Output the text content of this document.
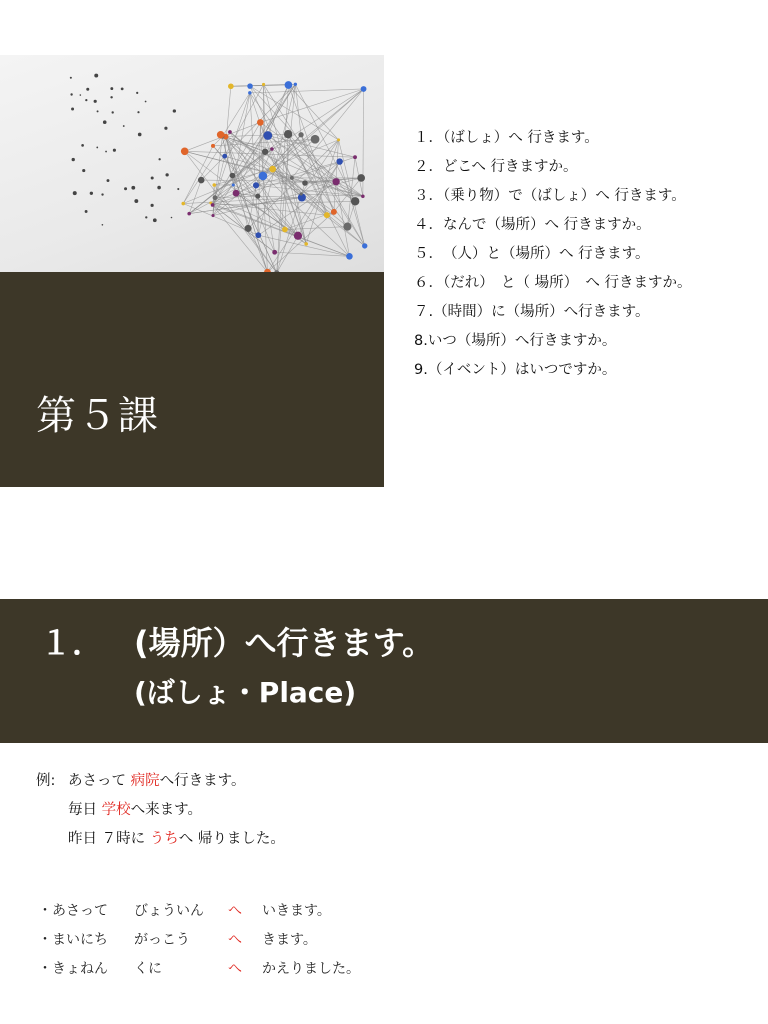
第５課
１．（ばしょ）へ 行きます。
２．どこへ 行きますか。
３．（乗り物）で（ばしょ）へ 行きます。
４．なんで（場所）へ 行きますか。
５．　（人）と（場所）へ 行きます。
６．（だれ）　と（ 場所）　へ 行きますか。
７.（時間）に（場所）へ行きます。
8.いつ（場所）へ行きますか。
9.（イベント）はいつですか。
１． (場所）へ行きます。
(ばしょ・Place)
例: あさって 病院へ行きます。
毎日 学校へ来ます。
昨日 ７時に うちへ 帰りました。
・あさって びょういん へ いきます。
・まいにち がっこう	へ きます。
・きょねん くに	へ かえりました。
